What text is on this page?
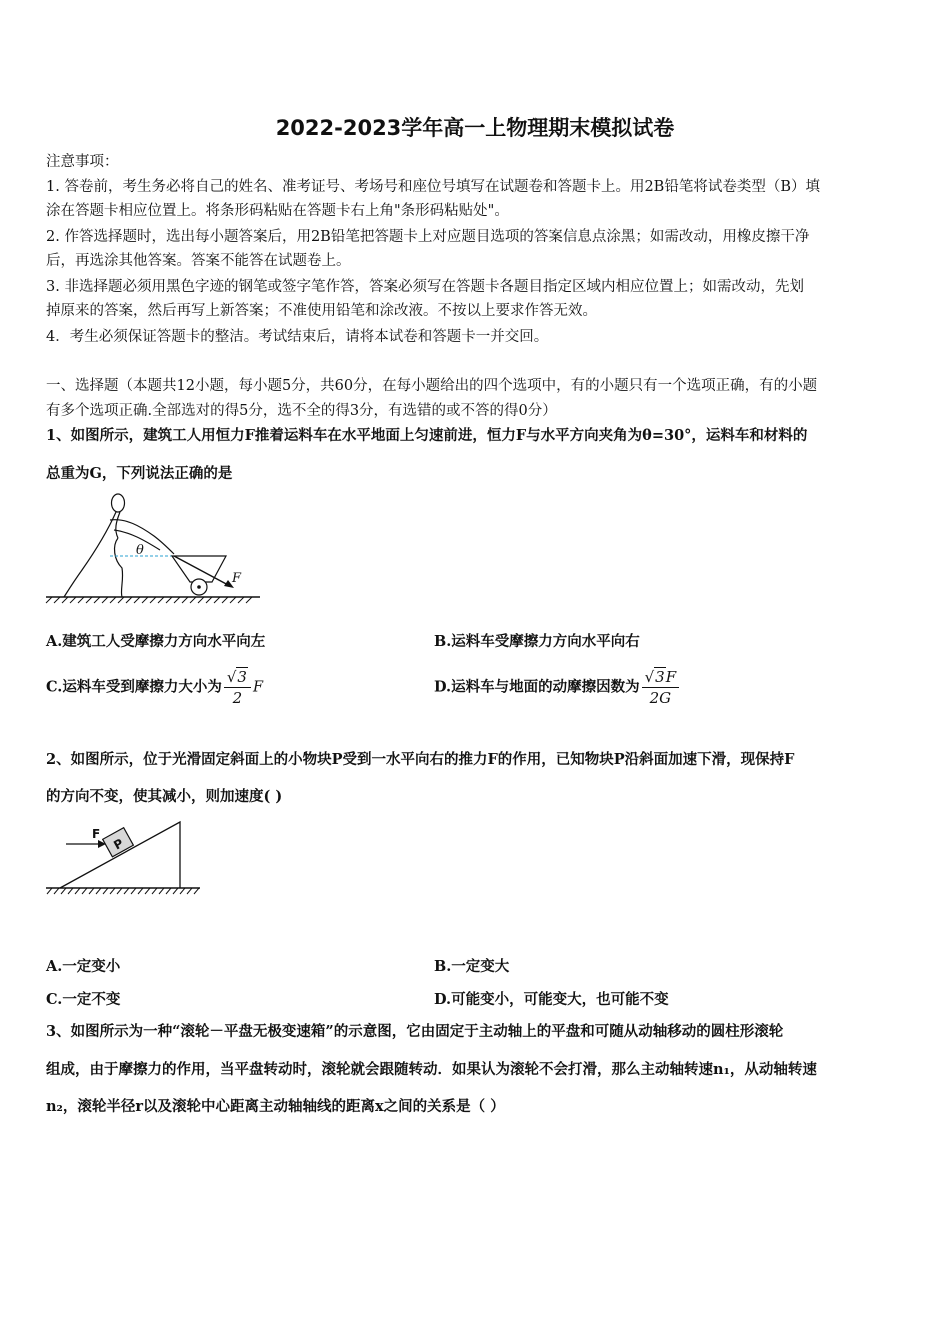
2022-2023学年高一上物理期末模拟试卷
注意事项：
1. 答卷前，考生务必将自己的姓名、准考证号、考场号和座位号填写在试题卷和答题卡上。用2B铅笔将试卷类型（B）填
涂在答题卡相应位置上。将条形码粘贴在答题卡右上角"条形码粘贴处"。
2. 作答选择题时，选出每小题答案后，用2B铅笔把答题卡上对应题目选项的答案信息点涂黑；如需改动，用橡皮擦干净
后，再选涂其他答案。答案不能答在试题卷上。
3. 非选择题必须用黑色字迹的钢笔或签字笔作答，答案必须写在答题卡各题目指定区域内相应位置上；如需改动，先划
掉原来的答案，然后再写上新答案；不准使用铅笔和涂改液。不按以上要求作答无效。
4．考生必须保证答题卡的整洁。考试结束后，请将本试卷和答题卡一并交回。
一、选择题（本题共12小题，每小题5分，共60分，在每小题给出的四个选项中，有的小题只有一个选项正确，有的小题
有多个选项正确.全部选对的得5分，选不全的得3分，有选错的或不答的得0分）
1、如图所示，建筑工人用恒力F推着运料车在水平地面上匀速前进，恒力F与水平方向夹角为θ=30°，运料车和材料的
总重为G，下列说法正确的是
θ
F
A.建筑工人受摩擦力方向水平向左	B.运料车受摩擦力方向水平向右
C.运料车受到摩擦力大小为 $\frac{√3}{2}$ F	D.运料车与地面的动摩擦因数为 $\frac{√3F}{2G}$
2、如图所示，位于光滑固定斜面上的小物块P受到一水平向右的推力F的作用，已知物块P沿斜面加速下滑，现保持F
的方向不变，使其减小，则加速度( )
P
F
A.一定变小	B.一定变大
C.一定不变	D.可能变小，可能变大，也可能不变
3、如图所示为一种“滚轮－平盘无极变速箱”的示意图，它由固定于主动轴上的平盘和可随从动轴移动的圆柱形滚轮
组成，由于摩擦力的作用，当平盘转动时，滚轮就会跟随转动．如果认为滚轮不会打滑，那么主动轴转速n₁，从动轴转速
n₂，滚轮半径r以及滚轮中心距离主动轴轴线的距离x之间的关系是（ ）
